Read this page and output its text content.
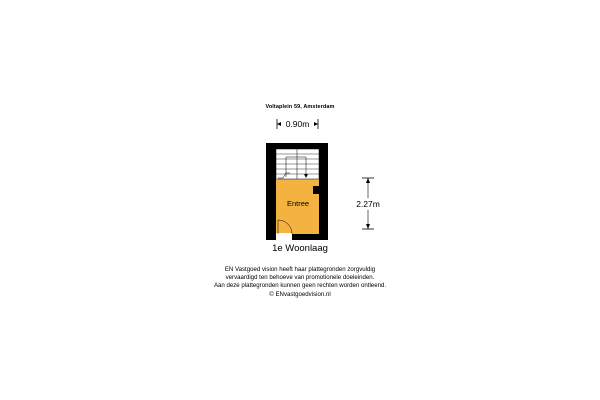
Voltaplein 59, Amsterdam
0.90m
Entree	2.27m
1e Woonlaag
EN Vastgoed vision heeft haar plattegronden zorgvuldig
vervaardigd ten behoeve van promotionele doeleinden.
Aan deze plattegronden kunnen geen rechten worden ontleend.
© ENvastgoedvision.nl
